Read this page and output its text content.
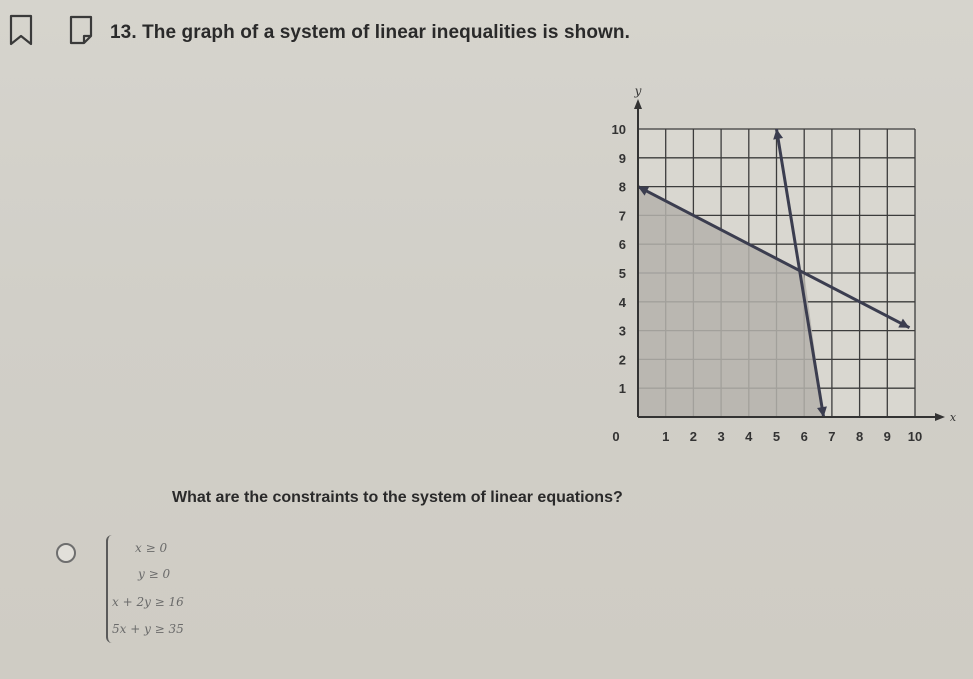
13. The graph of a system of linear inequalities is shown.
1 2 3 4 5 6 7 8 9 10
1
2
3
4
5
6
7
8
9
10
0
x
y
What are the constraints to the system of linear equations?
x ≥ 0
y ≥ 0
x + 2y ≥ 16
5x + y ≥ 35
